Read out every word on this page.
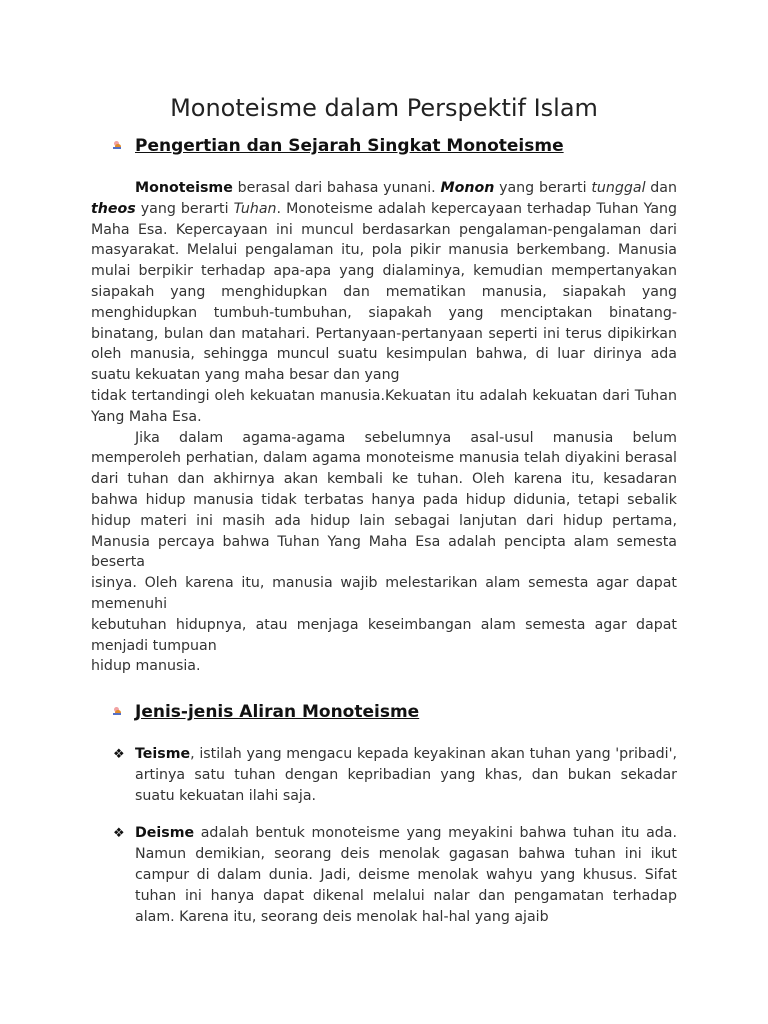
Monoteisme dalam Perspektif Islam
Pengertian dan Sejarah Singkat Monoteisme

Monoteisme berasal dari bahasa yunani. Monon yang berarti tunggal dan theos yang berarti Tuhan. Monoteisme adalah kepercayaan terhadap Tuhan Yang Maha Esa. Kepercayaan ini muncul berdasarkan pengalaman-pengalaman dari masyarakat. Melalui pengalaman itu, pola pikir manusia berkembang. Manusia mulai berpikir terhadap apa-apa yang dialaminya, kemudian mempertanyakan siapakah yang menghidupkan dan mematikan manusia, siapakah yang menghidupkan tumbuh-tumbuhan, siapakah yang menciptakan binatang-binatang, bulan dan matahari. Pertanyaan-pertanyaan seperti ini terus dipikirkan oleh manusia, sehingga muncul suatu kesimpulan bahwa, di luar dirinya ada suatu kekuatan yang maha besar dan yang

tidak tertandingi oleh kekuatan manusia.Kekuatan itu adalah kekuatan dari Tuhan Yang Maha Esa.

Jika dalam agama-agama sebelumnya asal-usul manusia belum memperoleh perhatian, dalam agama monoteisme manusia telah diyakini berasal dari tuhan dan akhirnya akan kembali ke tuhan. Oleh karena itu, kesadaran bahwa hidup manusia tidak terbatas hanya pada hidup didunia, tetapi sebalik hidup materi ini masih ada hidup lain sebagai lanjutan dari hidup pertama, Manusia percaya bahwa Tuhan Yang Maha Esa adalah pencipta alam semesta beserta

isinya. Oleh karena itu, manusia wajib melestarikan alam semesta agar dapat memenuhi

kebutuhan hidupnya, atau menjaga keseimbangan alam semesta agar dapat menjadi tumpuan

hidup manusia.

Jenis-jenis Aliran Monoteisme
❖ Teisme, istilah yang mengacu kepada keyakinan akan tuhan yang 'pribadi', artinya satu tuhan dengan kepribadian yang khas, dan bukan sekadar suatu kekuatan ilahi saja.
❖ Deisme adalah bentuk monoteisme yang meyakini bahwa tuhan itu ada. Namun demikian, seorang deis menolak gagasan bahwa tuhan ini ikut campur di dalam dunia. Jadi, deisme menolak wahyu yang khusus. Sifat tuhan ini hanya dapat dikenal melalui nalar dan pengamatan terhadap alam. Karena itu, seorang deis menolak hal-hal yang ajaib
